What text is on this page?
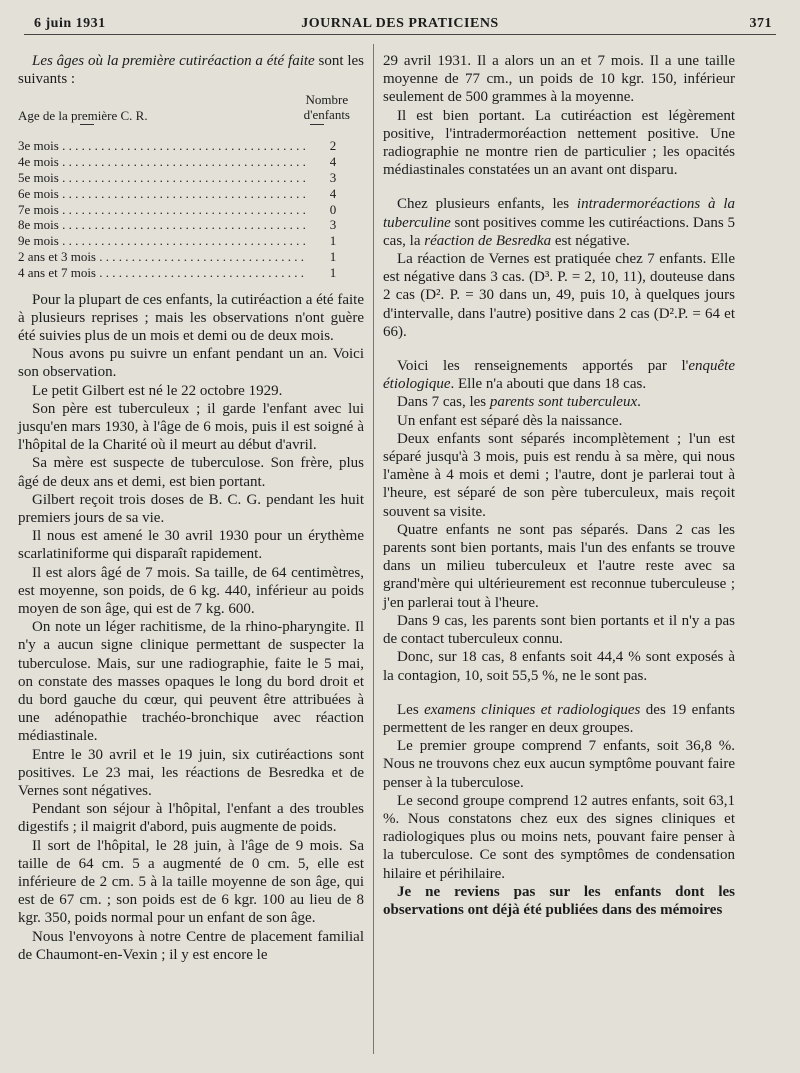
6 juin 1931	JOURNAL DES PRATICIENS	371

Les âges où la première cutiréaction a été faite sont les suivants :

Age de la première C. R.
Nombre
d'enfants
3e mois . . .	2
4e mois . . .	4
5e mois . . .	3
6e mois . . .	4
7e mois . . .	0
8e mois . . .	3
9e mois . . .	1
2 ans et 3 mois . . .	1
4 ans et 7 mois . . .	1

Pour la plupart de ces enfants, la cutiréaction a été faite à plusieurs reprises ; mais les observations n'ont guère été suivies plus de un mois et demi ou de deux mois.

Nous avons pu suivre un enfant pendant un an. Voici son observation.

Le petit Gilbert est né le 22 octobre 1929.

Son père est tuberculeux ; il garde l'enfant avec lui jusqu'en mars 1930, à l'âge de 6 mois, puis il est soigné à l'hôpital de la Charité où il meurt au début d'avril.

Sa mère est suspecte de tuberculose. Son frère, plus âgé de deux ans et demi, est bien portant.

Gilbert reçoit trois doses de B. C. G. pendant les huit premiers jours de sa vie.

Il nous est amené le 30 avril 1930 pour un érythème scarlatiniforme qui disparaît rapidement.

Il est alors âgé de 7 mois. Sa taille, de 64 centimètres, est moyenne, son poids, de 6 kg. 440, inférieur au poids moyen de son âge, qui est de 7 kg. 600.

On note un léger rachitisme, de la rhino-pharyngite. Il n'y a aucun signe clinique permettant de suspecter la tuberculose. Mais, sur une radiographie, faite le 5 mai, on constate des masses opaques le long du bord droit et du bord gauche du cœur, qui peuvent être attribuées à une adénopathie trachéo-bronchique avec réaction médiastinale.

Entre le 30 avril et le 19 juin, six cutiréactions sont positives. Le 23 mai, les réactions de Besredka et de Vernes sont négatives.

Pendant son séjour à l'hôpital, l'enfant a des troubles digestifs ; il maigrit d'abord, puis augmente de poids.

Il sort de l'hôpital, le 28 juin, à l'âge de 9 mois. Sa taille de 64 cm. 5 a augmenté de 0 cm. 5, elle est inférieure de 2 cm. 5 à la taille moyenne de son âge, qui est de 67 cm. ; son poids est de 6 kgr. 100 au lieu de 8 kgr. 350, poids normal pour un enfant de son âge.

Nous l'envoyons à notre Centre de placement familial de Chaumont-en-Vexin ; il y est encore le

29 avril 1931. Il a alors un an et 7 mois. Il a une taille moyenne de 77 cm., un poids de 10 kgr. 150, inférieur seulement de 500 grammes à la moyenne.

Il est bien portant. La cutiréaction est légèrement positive, l'intradermoréaction nettement positive. Une radiographie ne montre rien de particulier ; les opacités médiastinales constatées un an avant ont disparu.

Chez plusieurs enfants, les intradermoréactions à la tuberculine sont positives comme les cutiréactions. Dans 5 cas, la réaction de Besredka est négative.

La réaction de Vernes est pratiquée chez 7 enfants. Elle est négative dans 3 cas. (D³. P. = 2, 10, 11), douteuse dans 2 cas (D². P. = 30 dans un, 49, puis 10, à quelques jours d'intervalle, dans l'autre) positive dans 2 cas (D².P. = 64 et 66).

Voici les renseignements apportés par l'enquête étiologique. Elle n'a abouti que dans 18 cas.

Dans 7 cas, les parents sont tuberculeux.

Un enfant est séparé dès la naissance.

Deux enfants sont séparés incomplètement ; l'un est séparé jusqu'à 3 mois, puis est rendu à sa mère, qui nous l'amène à 4 mois et demi ; l'autre, dont je parlerai tout à l'heure, est séparé de son père tuberculeux, mais reçoit souvent sa visite.

Quatre enfants ne sont pas séparés. Dans 2 cas les parents sont bien portants, mais l'un des enfants se trouve dans un milieu tuberculeux et l'autre reste avec sa grand'mère qui ultérieurement est reconnue tuberculeuse ; j'en parlerai tout à l'heure.

Dans 9 cas, les parents sont bien portants et il n'y a pas de contact tuberculeux connu.

Donc, sur 18 cas, 8 enfants soit 44,4 % sont exposés à la contagion, 10, soit 55,5 %, ne le sont pas.

Les examens cliniques et radiologiques des 19 enfants permettent de les ranger en deux groupes.

Le premier groupe comprend 7 enfants, soit 36,8 %. Nous ne trouvons chez eux aucun symptôme pouvant faire penser à la tuberculose.

Le second groupe comprend 12 autres enfants, soit 63,1 %. Nous constatons chez eux des signes cliniques et radiologiques plus ou moins nets, pouvant faire penser à la tuberculose. Ce sont des symptômes de condensation hilaire et périhilaire.

Je ne reviens pas sur les enfants dont les observations ont déjà été publiées dans des mémoires
